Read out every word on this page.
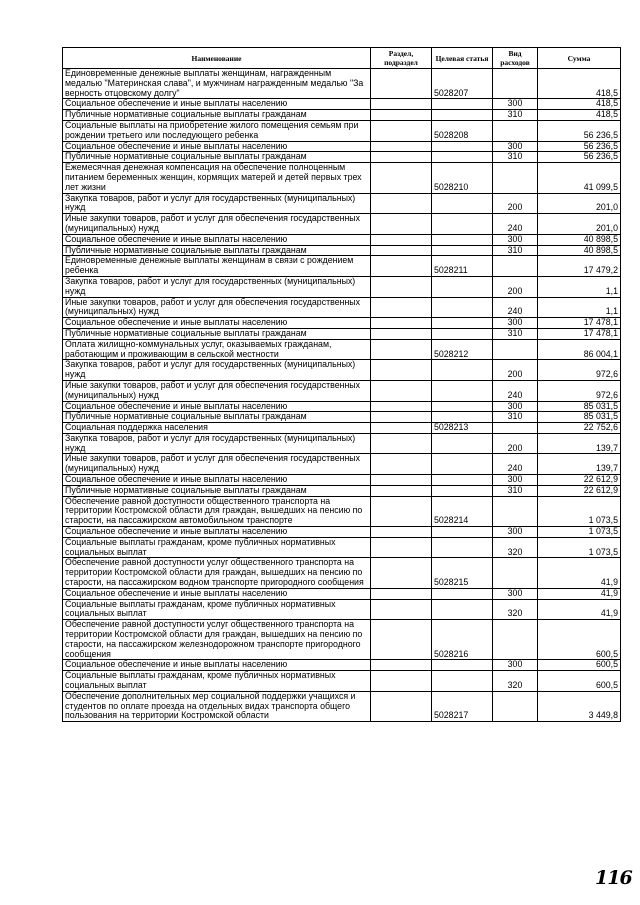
Наименование	Раздел, подраздел	Целевая статья	Вид расходов	Сумма
Единовременные денежные выплаты женщинам, награжденным медалью "Материнская слава", и мужчинам награжденным медалью "За верность отцовскому долгу"		5028207		418,5
Социальное обеспечение и иные выплаты населению			300	418,5
Публичные нормативные социальные выплаты гражданам			310	418,5
Социальные выплаты на приобретение жилого помещения семьям при рождении третьего или последующего ребенка		5028208		56 236,5
Социальное обеспечение и иные выплаты населению			300	56 236,5
Публичные нормативные социальные выплаты гражданам			310	56 236,5
Ежемесячная денежная компенсация на обеспечение полноценным питанием беременных женщин, кормящих матерей и детей первых трех лет жизни		5028210		41 099,5
Закупка товаров, работ и услуг для государственных (муниципальных) нужд			200	201,0
Иные закупки товаров, работ и услуг для обеспечения государственных (муниципальных) нужд			240	201,0
Социальное обеспечение и иные выплаты населению			300	40 898,5
Публичные нормативные социальные выплаты гражданам			310	40 898,5
Единовременные денежные выплаты женщинам в связи с рождением ребенка		5028211		17 479,2
Закупка товаров, работ и услуг для государственных (муниципальных) нужд			200	1,1
Иные закупки товаров, работ и услуг для обеспечения государственных (муниципальных) нужд			240	1,1
Социальное обеспечение и иные выплаты населению			300	17 478,1
Публичные нормативные социальные выплаты гражданам			310	17 478,1
Оплата жилищно-коммунальных услуг, оказываемых гражданам, работающим и проживающим в сельской местности		5028212		86 004,1
Закупка товаров, работ и услуг для государственных (муниципальных) нужд			200	972,6
Иные закупки товаров, работ и услуг для обеспечения государственных (муниципальных) нужд			240	972,6
Социальное обеспечение и иные выплаты населению			300	85 031,5
Публичные нормативные социальные выплаты гражданам			310	85 031,5
Социальная поддержка населения		5028213		22 752,6
Закупка товаров, работ и услуг для государственных (муниципальных) нужд			200	139,7
Иные закупки товаров, работ и услуг для обеспечения государственных (муниципальных) нужд			240	139,7
Социальное обеспечение и иные выплаты населению			300	22 612,9
Публичные нормативные социальные выплаты гражданам			310	22 612,9
Обеспечение равной доступности общественного транспорта на территории Костромской области для граждан, вышедших на пенсию по старости, на пассажирском автомобильном транспорте		5028214		1 073,5
Социальное обеспечение и иные выплаты населению			300	1 073,5
Социальные выплаты гражданам, кроме публичных нормативных социальных выплат			320	1 073,5
Обеспечение равной доступности услуг общественного транспорта на территории Костромской области для граждан, вышедших на пенсию по старости, на пассажирском водном транспорте пригородного сообщения		5028215		41,9
Социальное обеспечение и иные выплаты населению			300	41,9
Социальные выплаты гражданам, кроме публичных нормативных социальных выплат			320	41,9
Обеспечение равной доступности услуг общественного транспорта на территории Костромской области для граждан, вышедших на пенсию по старости, на пассажирском железнодорожном транспорте пригородного сообщения		5028216		600,5
Социальное обеспечение и иные выплаты населению			300	600,5
Социальные выплаты гражданам, кроме публичных нормативных социальных выплат			320	600,5
Обеспечение дополнительных мер социальной поддержки учащихся и студентов по оплате проезда на отдельных видах транспорта общего пользования на территории Костромской области		5028217		3 449,8
116
